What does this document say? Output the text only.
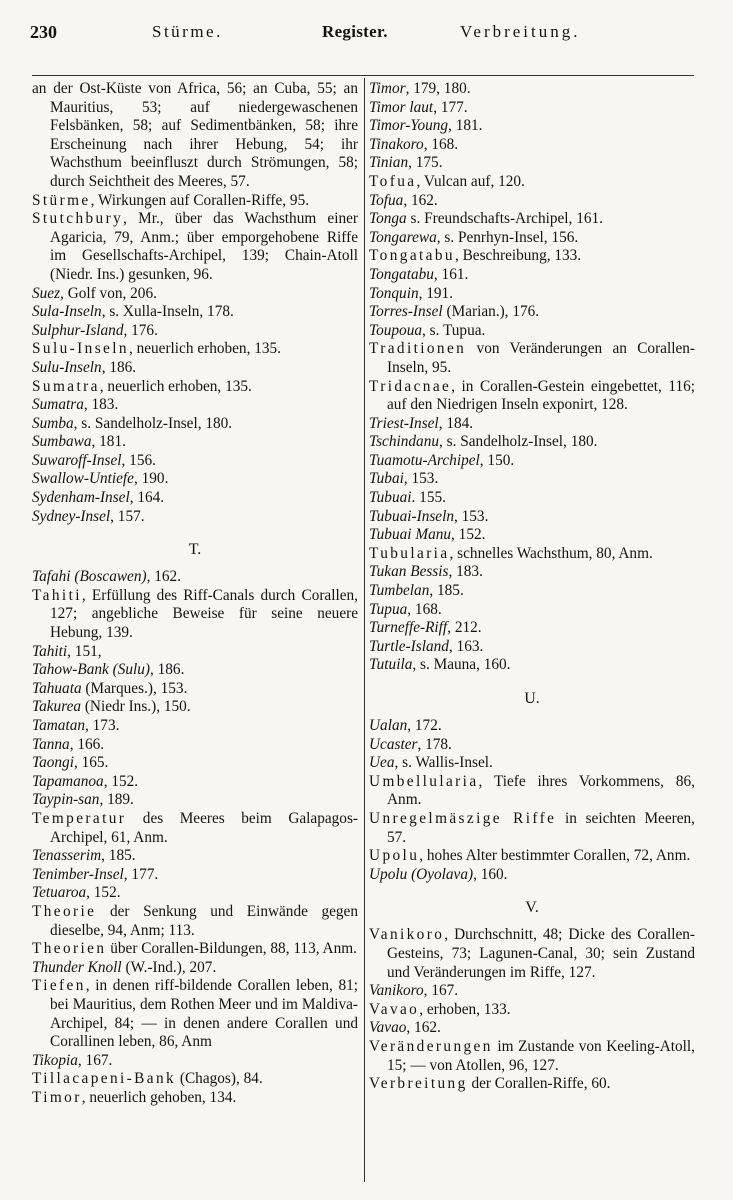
230	Stürme.	Register.	Verbreitung.
an der Ost-Küste von Africa, 56; an Cuba, 55; an Mauritius, 53; auf niedergewaschenen Felsbänken, 58; auf Sedimentbänken, 58; ihre Erscheinung nach ihrer Hebung, 54; ihr Wachsthum beeinfluszt durch Strömungen, 58; durch Seichtheit des Meeres, 57.
Stürme, Wirkungen auf Corallen-Riffe, 95.
Stutchbury, Mr., über das Wachsthum einer Agaricia, 79, Anm.; über emporgehobene Riffe im Gesellschafts-Archipel, 139; Chain-Atoll (Niedr. Ins.) gesunken, 96.
Suez, Golf von, 206.
Sula-Inseln, s. Xulla-Inseln, 178.
Sulphur-Island, 176.
Sulu-Inseln, neuerlich erhoben, 135.
Sulu-Inseln, 186.
Sumatra, neuerlich erhoben, 135.
Sumatra, 183.
Sumba, s. Sandelholz-Insel, 180.
Sumbawa, 181.
Suwaroff-Insel, 156.
Swallow-Untiefe, 190.
Sydenham-Insel, 164.
Sydney-Insel, 157.
T.
Tafahi (Boscawen), 162.
Tahiti, Erfüllung des Riff-Canals durch Corallen, 127; angebliche Beweise für seine neuere Hebung, 139.
Tahiti, 151,
Tahow-Bank (Sulu), 186.
Tahuata (Marques.), 153.
Takurea (Niedr Ins.), 150.
Tamatan, 173.
Tanna, 166.
Taongi, 165.
Tapamanoa, 152.
Taypin-san, 189.
Temperatur des Meeres beim Galapagos-Archipel, 61, Anm.
Tenasserim, 185.
Tenimber-Insel, 177.
Tetuaroa, 152.
Theorie der Senkung und Einwände gegen dieselbe, 94, Anm; 113.
Theorien über Corallen-Bildungen, 88, 113, Anm.
Thunder Knoll (W.-Ind.), 207.
Tiefen, in denen riff-bildende Corallen leben, 81; bei Mauritius, dem Rothen Meer und im Maldiva-Archipel, 84; — in denen andere Corallen und Corallinen leben, 86, Anm
Tikopia, 167.
Tillacapeni-Bank (Chagos), 84.
Timor, neuerlich gehoben, 134.
Timor, 179, 180.
Timor laut, 177.
Timor-Young, 181.
Tinakoro, 168.
Tinian, 175.
Tofua, Vulcan auf, 120.
Tofua, 162.
Tonga s. Freundschafts-Archipel, 161.
Tongarewa, s. Penrhyn-Insel, 156.
Tongatabu, Beschreibung, 133.
Tongatabu, 161.
Tonquin, 191.
Torres-Insel (Marian.), 176.
Toupoua, s. Tupua.
Traditionen von Veränderungen an Corallen-Inseln, 95.
Tridacnae, in Corallen-Gestein eingebettet, 116; auf den Niedrigen Inseln exponirt, 128.
Triest-Insel, 184.
Tschindanu, s. Sandelholz-Insel, 180.
Tuamotu-Archipel, 150.
Tubai, 153.
Tubuai. 155.
Tubuai-Inseln, 153.
Tubuai Manu, 152.
Tubularia, schnelles Wachsthum, 80, Anm.
Tukan Bessis, 183.
Tumbelan, 185.
Tupua, 168.
Turneffe-Riff, 212.
Turtle-Island, 163.
Tutuila, s. Mauna, 160.
U.
Ualan, 172.
Ucaster, 178.
Uea, s. Wallis-Insel.
Umbellularia, Tiefe ihres Vorkommens, 86, Anm.
Unregelmäszige Riffe in seichten Meeren, 57.
Upolu, hohes Alter bestimmter Corallen, 72, Anm.
Upolu (Oyolava), 160.
V.
Vanikoro, Durchschnitt, 48; Dicke des Corallen-Gesteins, 73; Lagunen-Canal, 30; sein Zustand und Veränderungen im Riffe, 127.
Vanikoro, 167.
Vavao, erhoben, 133.
Vavao, 162.
Veränderungen im Zustande von Keeling-Atoll, 15; — von Atollen, 96, 127.
Verbreitung der Corallen-Riffe, 60.
